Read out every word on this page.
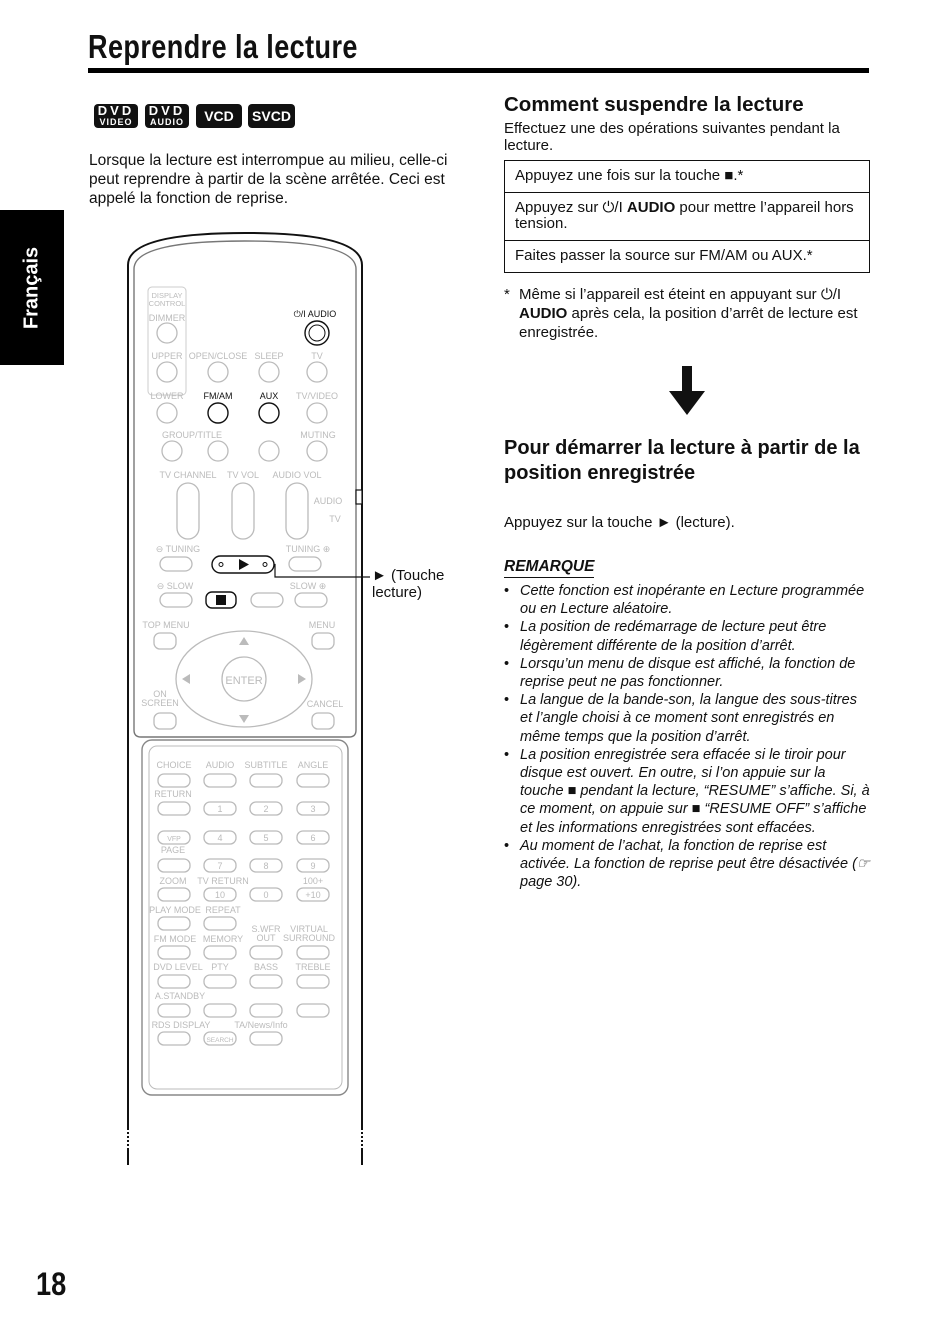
Reprendre la lecture
Français
DVD
VIDEO
DVD
AUDIO	VCD	SVCD
Lorsque la lecture est interrompue au milieu, celle-ci peut reprendre à partir de la scène arrêtée. Ceci est appelé la fonction de reprise.
DISPLAY
CONTROL
DIMMER	⏻/I AUDIO
UPPER OPEN/CLOSE SLEEP	TV
LOWER	TV/VIDEO
GROUP/TITLE	MUTING
TV CHANNEL TV VOL AUDIO VOL
AUDIO
TV
FM/AM	AUX
⊖ TUNING	TUNING ⊕
⊖ SLOW	SLOW ⊕
TOP MENU	MENU
ON
SCREEN	CANCEL
ENTER
CHOICE AUDIO SUBTITLE ANGLE
RETURN
PAGE
ZOOM TV RETURN	100+
PLAY MODE REPEAT
FM MODE MEMORY
S.WFR
OUT
VIRTUAL
SURROUND
DVD LEVEL PTY	BASS TREBLE
A.STANDBY
RDS DISPLAY	TA/News/Info
1	2	3
VFP	4	5	6
7	8	9
10	0	+10
SEARCH
► (Touche lecture)
Comment suspendre la lecture
Effectuez une des opérations suivantes pendant la lecture.
Appuyez une fois sur la touche ■.*
Appuyez sur ⏻/I AUDIO pour mettre l’appareil hors tension.
Faites passer la source sur FM/AM ou AUX.*
* Même si l’appareil est éteint en appuyant sur ⏻/I AUDIO après cela, la position d’arrêt de lecture est enregistrée.
Pour démarrer la lecture à partir de la position enregistrée
Appuyez sur la touche ► (lecture).
REMARQUE
• Cette fonction est inopérante en Lecture programmée ou en Lecture aléatoire.
• La position de redémarrage de lecture peut être légèrement différente de la position d’arrêt.
• Lorsqu’un menu de disque est affiché, la fonction de reprise peut ne pas fonctionner.
• La langue de la bande-son, la langue des sous-titres et l’angle choisi à ce moment sont enregistrés en même temps que la position d’arrêt.
• La position enregistrée sera effacée si le tiroir pour disque est ouvert. En outre, si l’on appuie sur la touche ■ pendant la lecture, “RESUME” s’affiche. Si, à ce moment, on appuie sur ■ “RESUME OFF” s’affiche et les informations enregistrées sont effacées.
• Au moment de l’achat, la fonction de reprise est activée. La fonction de reprise peut être désactivée (☞ page 30).
18
